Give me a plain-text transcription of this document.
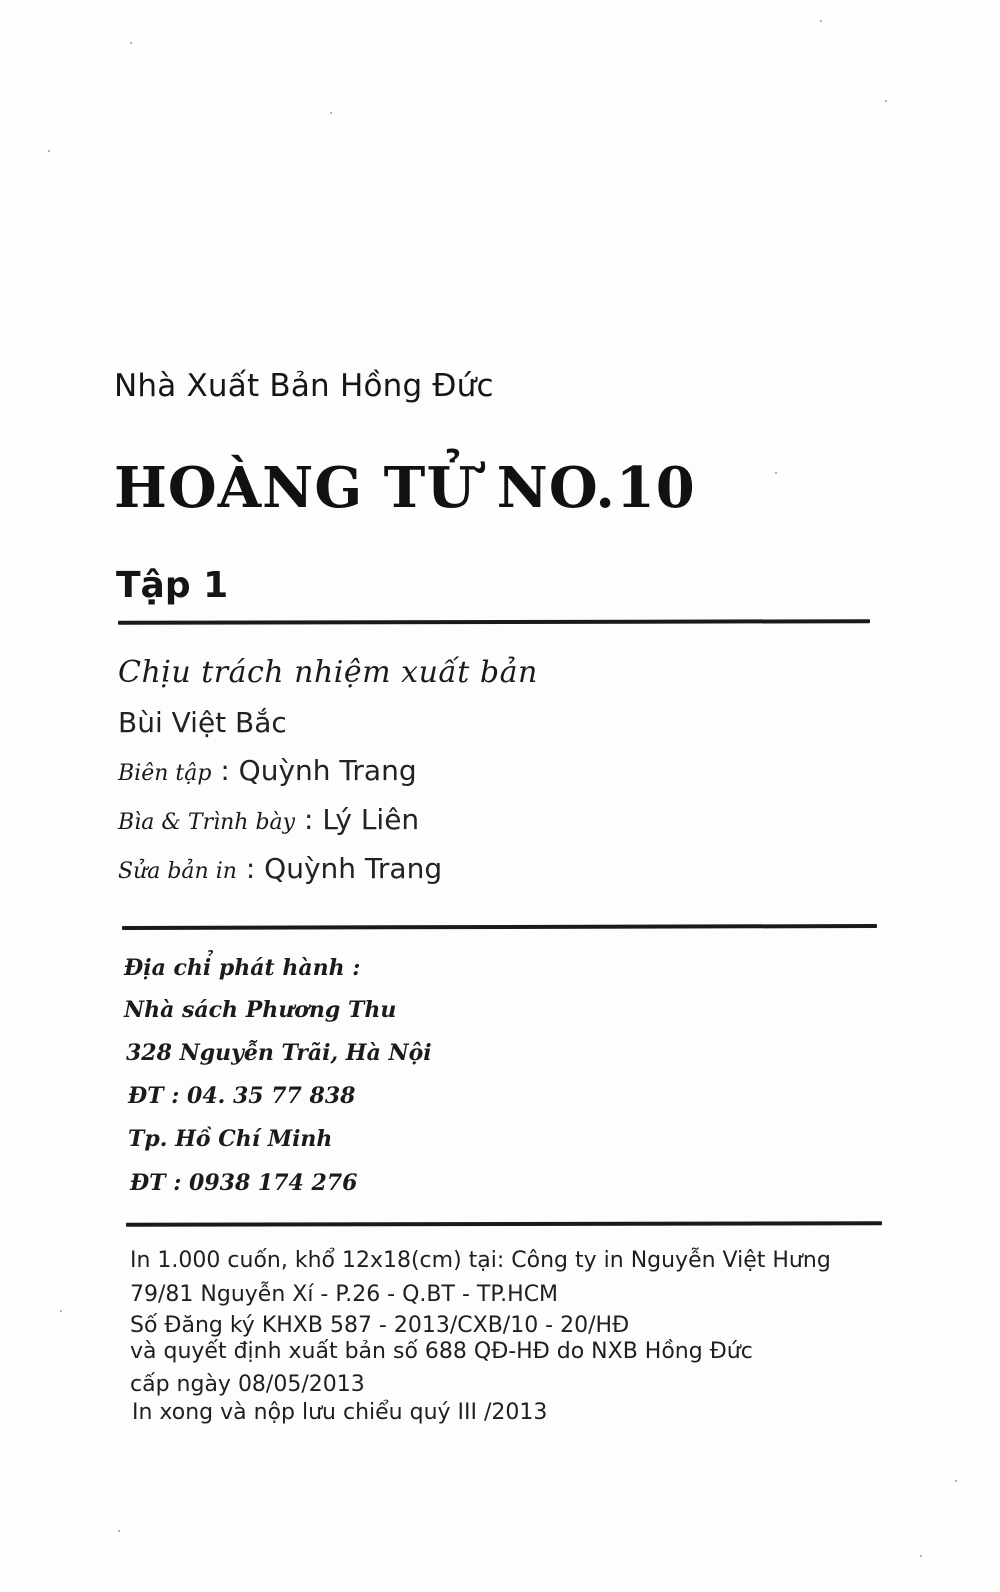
Nhà Xuất Bản Hồng Đức
HOÀNG TỬ NO.10
Tập 1
Chịu trách nhiệm xuất bản
Bùi Việt Bắc
Biên tập : Quỳnh Trang
Bìa & Trình bày : Lý Liên
Sửa bản in : Quỳnh Trang
Địa chỉ phát hành :
Nhà sách Phương Thu
328 Nguyễn Trãi, Hà Nội
ĐT : 04. 35 77 838
Tp. Hồ Chí Minh
ĐT : 0938 174 276
In 1.000 cuốn, khổ 12x18(cm) tại: Công ty in Nguyễn Việt Hưng
79/81 Nguyễn Xí - P.26 - Q.BT - TP.HCM
Số Đăng ký KHXB 587 - 2013/CXB/10 - 20/HĐ
và quyết định xuất bản số 688 QĐ-HĐ do NXB Hồng Đức
cấp ngày 08/05/2013
In xong và nộp lưu chiểu quý III /2013
